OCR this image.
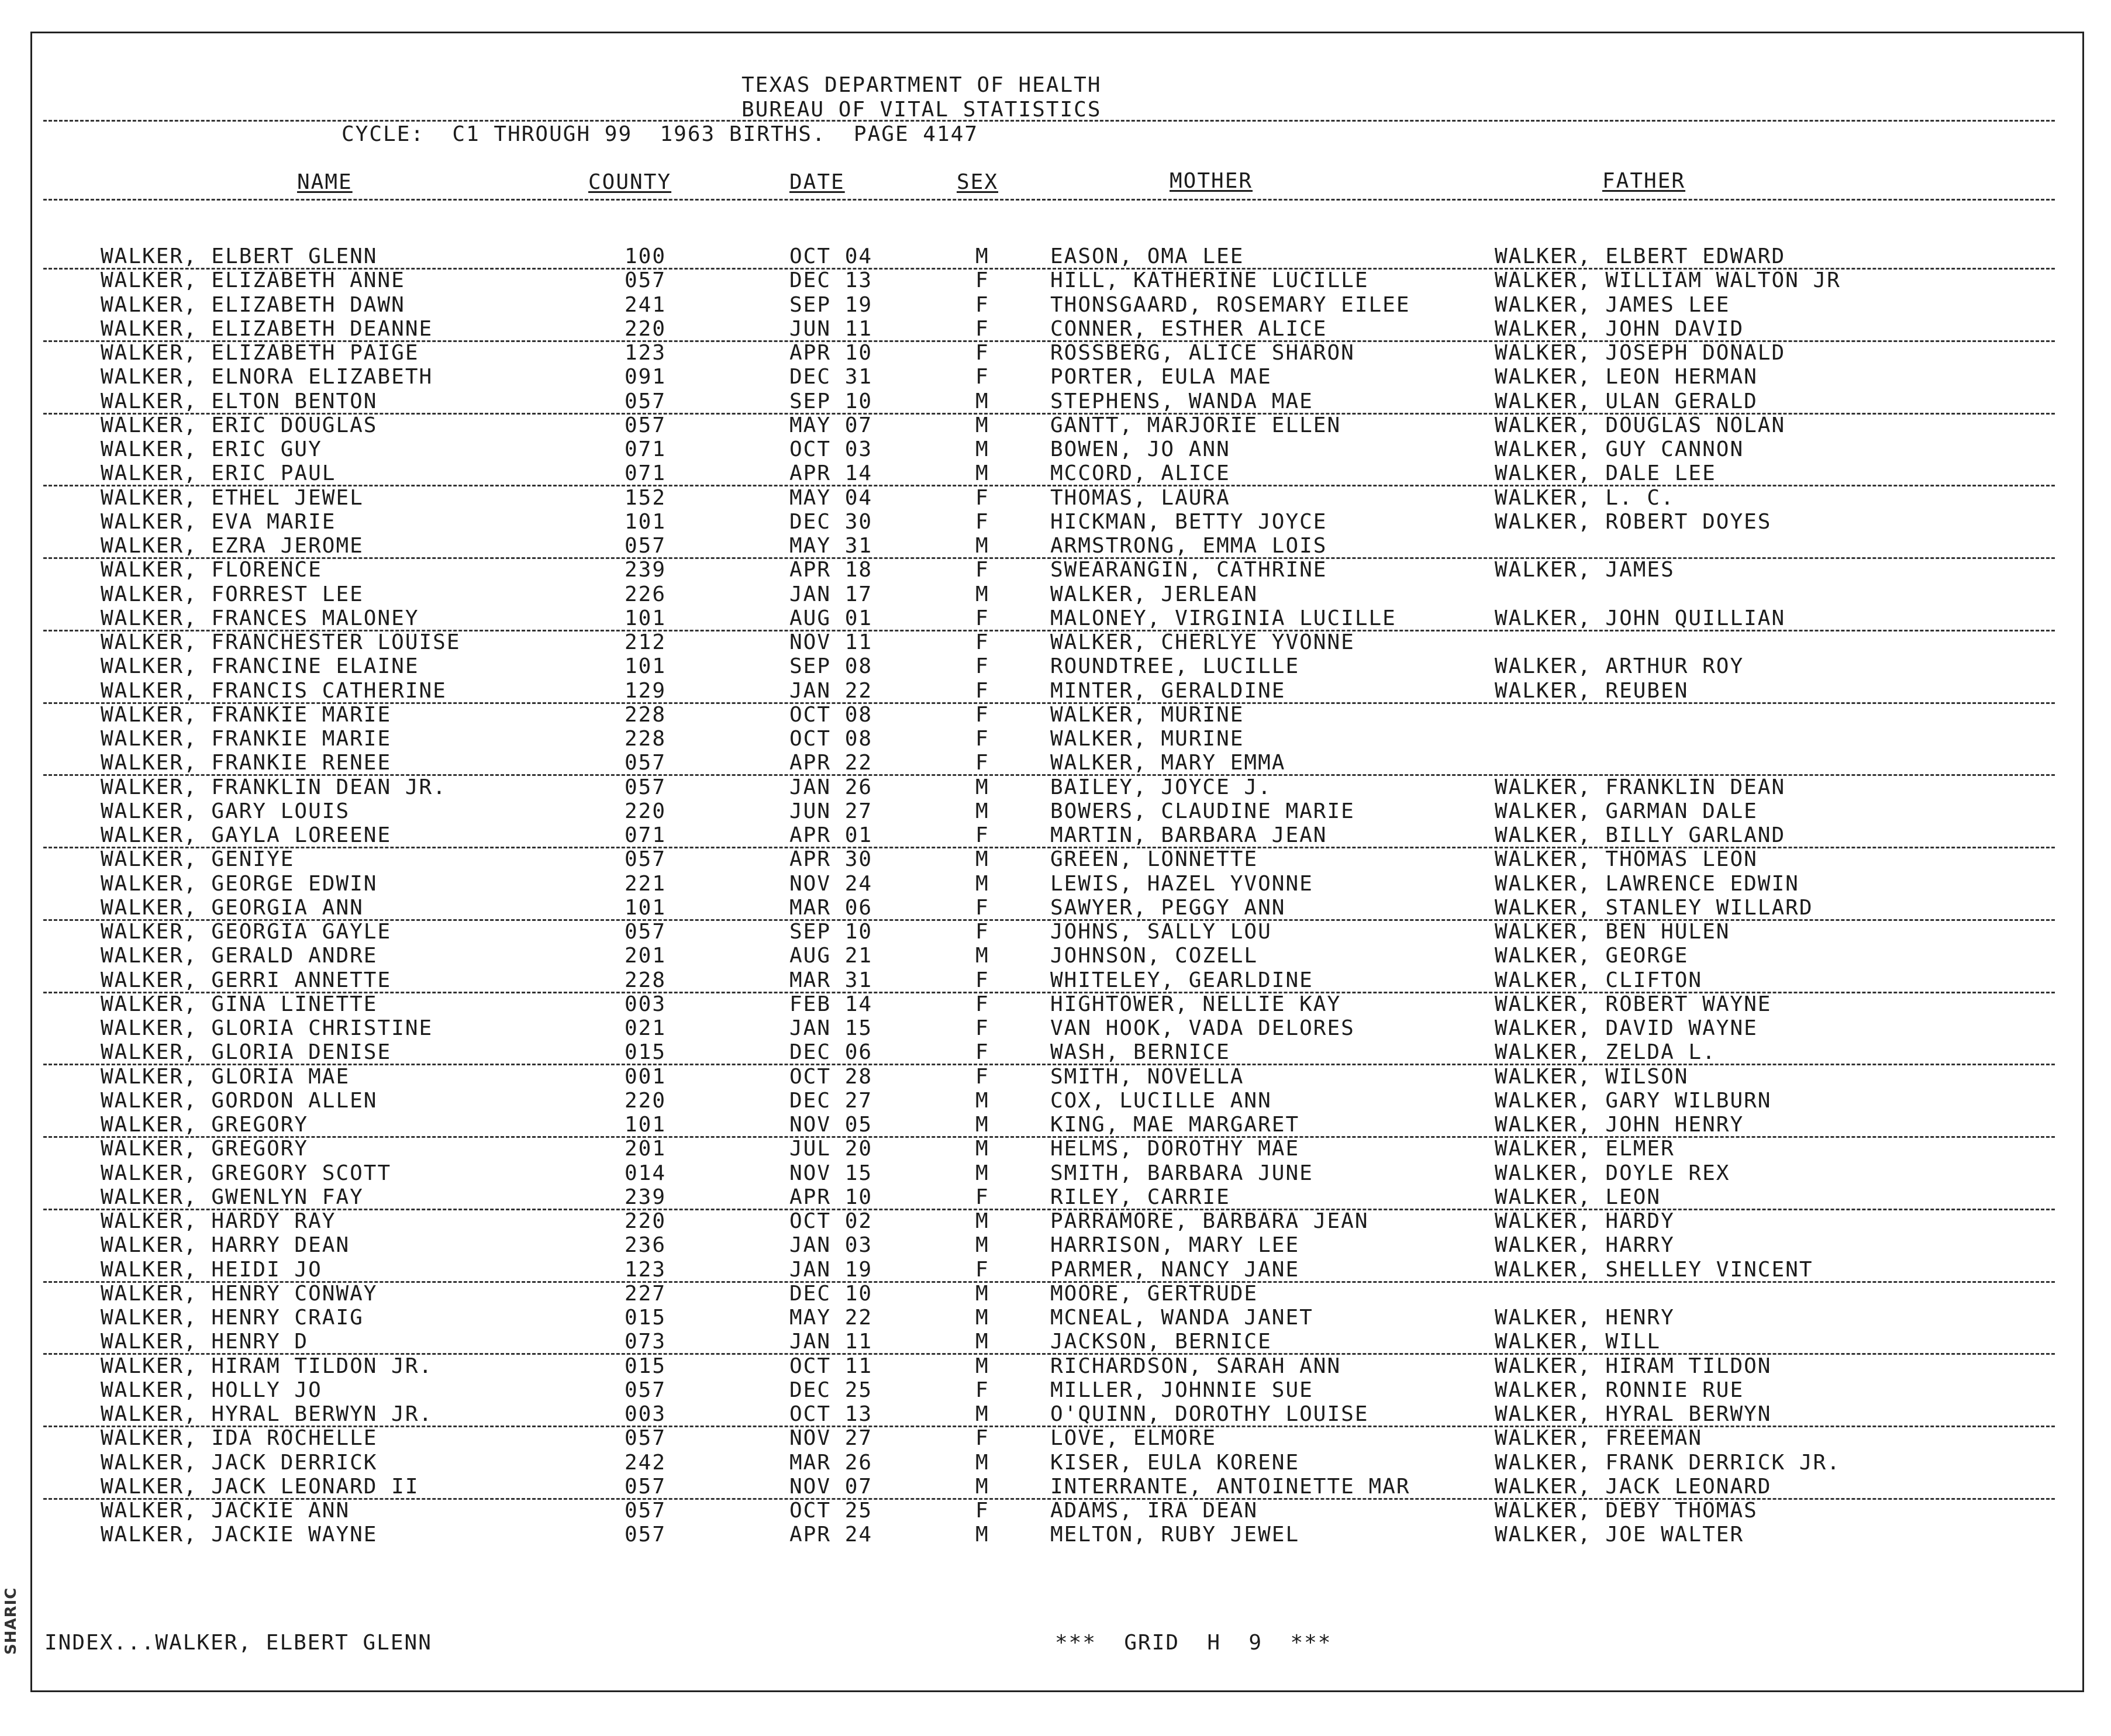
SHARIC
TEXAS DEPARTMENT OF HEALTH
BUREAU OF VITAL STATISTICS
CYCLE:  C1 THROUGH 99  1963 BIRTHS.  PAGE 4147
NAME	COUNTY	DATE	SEX	MOTHER	FATHER
WALKER, ELBERT GLENN	100	OCT 04	M	EASON, OMA LEE	WALKER, ELBERT EDWARD
WALKER, ELIZABETH ANNE	057	DEC 13	F	HILL, KATHERINE LUCILLE	WALKER, WILLIAM WALTON JR
WALKER, ELIZABETH DAWN	241	SEP 19	F	THONSGAARD, ROSEMARY EILEE	WALKER, JAMES LEE
WALKER, ELIZABETH DEANNE	220	JUN 11	F	CONNER, ESTHER ALICE	WALKER, JOHN DAVID
WALKER, ELIZABETH PAIGE	123	APR 10	F	ROSSBERG, ALICE SHARON	WALKER, JOSEPH DONALD
WALKER, ELNORA ELIZABETH	091	DEC 31	F	PORTER, EULA MAE	WALKER, LEON HERMAN
WALKER, ELTON BENTON	057	SEP 10	M	STEPHENS, WANDA MAE	WALKER, ULAN GERALD
WALKER, ERIC DOUGLAS	057	MAY 07	M	GANTT, MARJORIE ELLEN	WALKER, DOUGLAS NOLAN
WALKER, ERIC GUY	071	OCT 03	M	BOWEN, JO ANN	WALKER, GUY CANNON
WALKER, ERIC PAUL	071	APR 14	M	MCCORD, ALICE	WALKER, DALE LEE
WALKER, ETHEL JEWEL	152	MAY 04	F	THOMAS, LAURA	WALKER, L. C.
WALKER, EVA MARIE	101	DEC 30	F	HICKMAN, BETTY JOYCE	WALKER, ROBERT DOYES
WALKER, EZRA JEROME	057	MAY 31	M	ARMSTRONG, EMMA LOIS
WALKER, FLORENCE	239	APR 18	F	SWEARANGIN, CATHRINE	WALKER, JAMES
WALKER, FORREST LEE	226	JAN 17	M	WALKER, JERLEAN
WALKER, FRANCES MALONEY	101	AUG 01	F	MALONEY, VIRGINIA LUCILLE	WALKER, JOHN QUILLIAN
WALKER, FRANCHESTER LOUISE	212	NOV 11	F	WALKER, CHERLYE YVONNE
WALKER, FRANCINE ELAINE	101	SEP 08	F	ROUNDTREE, LUCILLE	WALKER, ARTHUR ROY
WALKER, FRANCIS CATHERINE	129	JAN 22	F	MINTER, GERALDINE	WALKER, REUBEN
WALKER, FRANKIE MARIE	228	OCT 08	F	WALKER, MURINE
WALKER, FRANKIE MARIE	228	OCT 08	F	WALKER, MURINE
WALKER, FRANKIE RENEE	057	APR 22	F	WALKER, MARY EMMA
WALKER, FRANKLIN DEAN JR.	057	JAN 26	M	BAILEY, JOYCE J.	WALKER, FRANKLIN DEAN
WALKER, GARY LOUIS	220	JUN 27	M	BOWERS, CLAUDINE MARIE	WALKER, GARMAN DALE
WALKER, GAYLA LOREENE	071	APR 01	F	MARTIN, BARBARA JEAN	WALKER, BILLY GARLAND
WALKER, GENIYE	057	APR 30	M	GREEN, LONNETTE	WALKER, THOMAS LEON
WALKER, GEORGE EDWIN	221	NOV 24	M	LEWIS, HAZEL YVONNE	WALKER, LAWRENCE EDWIN
WALKER, GEORGIA ANN	101	MAR 06	F	SAWYER, PEGGY ANN	WALKER, STANLEY WILLARD
WALKER, GEORGIA GAYLE	057	SEP 10	F	JOHNS, SALLY LOU	WALKER, BEN HULEN
WALKER, GERALD ANDRE	201	AUG 21	M	JOHNSON, COZELL	WALKER, GEORGE
WALKER, GERRI ANNETTE	228	MAR 31	F	WHITELEY, GEARLDINE	WALKER, CLIFTON
WALKER, GINA LINETTE	003	FEB 14	F	HIGHTOWER, NELLIE KAY	WALKER, ROBERT WAYNE
WALKER, GLORIA CHRISTINE	021	JAN 15	F	VAN HOOK, VADA DELORES	WALKER, DAVID WAYNE
WALKER, GLORIA DENISE	015	DEC 06	F	WASH, BERNICE	WALKER, ZELDA L.
WALKER, GLORIA MAE	001	OCT 28	F	SMITH, NOVELLA	WALKER, WILSON
WALKER, GORDON ALLEN	220	DEC 27	M	COX, LUCILLE ANN	WALKER, GARY WILBURN
WALKER, GREGORY	101	NOV 05	M	KING, MAE MARGARET	WALKER, JOHN HENRY
WALKER, GREGORY	201	JUL 20	M	HELMS, DOROTHY MAE	WALKER, ELMER
WALKER, GREGORY SCOTT	014	NOV 15	M	SMITH, BARBARA JUNE	WALKER, DOYLE REX
WALKER, GWENLYN FAY	239	APR 10	F	RILEY, CARRIE	WALKER, LEON
WALKER, HARDY RAY	220	OCT 02	M	PARRAMORE, BARBARA JEAN	WALKER, HARDY
WALKER, HARRY DEAN	236	JAN 03	M	HARRISON, MARY LEE	WALKER, HARRY
WALKER, HEIDI JO	123	JAN 19	F	PARMER, NANCY JANE	WALKER, SHELLEY VINCENT
WALKER, HENRY CONWAY	227	DEC 10	M	MOORE, GERTRUDE
WALKER, HENRY CRAIG	015	MAY 22	M	MCNEAL, WANDA JANET	WALKER, HENRY
WALKER, HENRY D	073	JAN 11	M	JACKSON, BERNICE	WALKER, WILL
WALKER, HIRAM TILDON JR.	015	OCT 11	M	RICHARDSON, SARAH ANN	WALKER, HIRAM TILDON
WALKER, HOLLY JO	057	DEC 25	F	MILLER, JOHNNIE SUE	WALKER, RONNIE RUE
WALKER, HYRAL BERWYN JR.	003	OCT 13	M	O'QUINN, DOROTHY LOUISE	WALKER, HYRAL BERWYN
WALKER, IDA ROCHELLE	057	NOV 27	F	LOVE, ELMORE	WALKER, FREEMAN
WALKER, JACK DERRICK	242	MAR 26	M	KISER, EULA KORENE	WALKER, FRANK DERRICK JR.
WALKER, JACK LEONARD II	057	NOV 07	M	INTERRANTE, ANTOINETTE MAR	WALKER, JACK LEONARD
WALKER, JACKIE ANN	057	OCT 25	F	ADAMS, IRA DEAN	WALKER, DEBY THOMAS
WALKER, JACKIE WAYNE	057	APR 24	M	MELTON, RUBY JEWEL	WALKER, JOE WALTER
INDEX...WALKER, ELBERT GLENN	***  GRID  H  9  ***
